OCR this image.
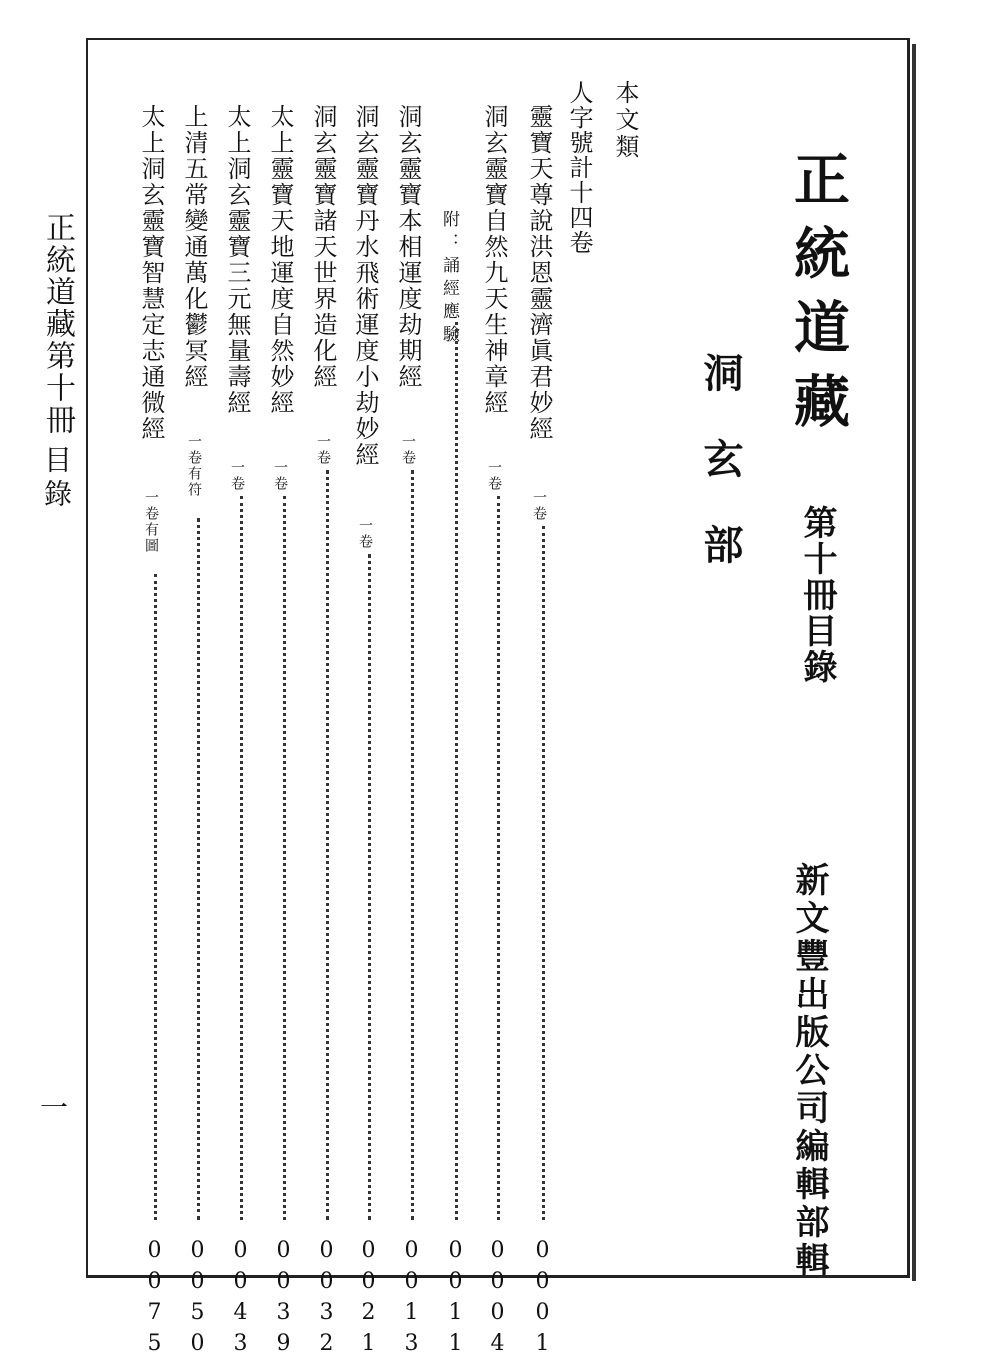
正統道藏
第十冊目錄
洞玄部
新文豐出版公司編輯部輯
正統道藏第十冊
目錄
一
本文類
人字號計十四卷
靈寶天尊說洪恩靈濟眞君妙經
一卷
0001
洞玄靈寶自然九天生神章經
一卷
0004
附：誦經應驗
0011
洞玄靈寶本相運度劫期經
一卷
0013
洞玄靈寶丹水飛術運度小劫妙經
一卷
0021
洞玄靈寶諸天世界造化經
一卷
0032
太上靈寶天地運度自然妙經
一卷
0039
太上洞玄靈寶三元無量壽經
一卷
0043
上清五常變通萬化鬱冥經
一卷有符
0050
太上洞玄靈寶智慧定志通微經
一卷有圖
0075
